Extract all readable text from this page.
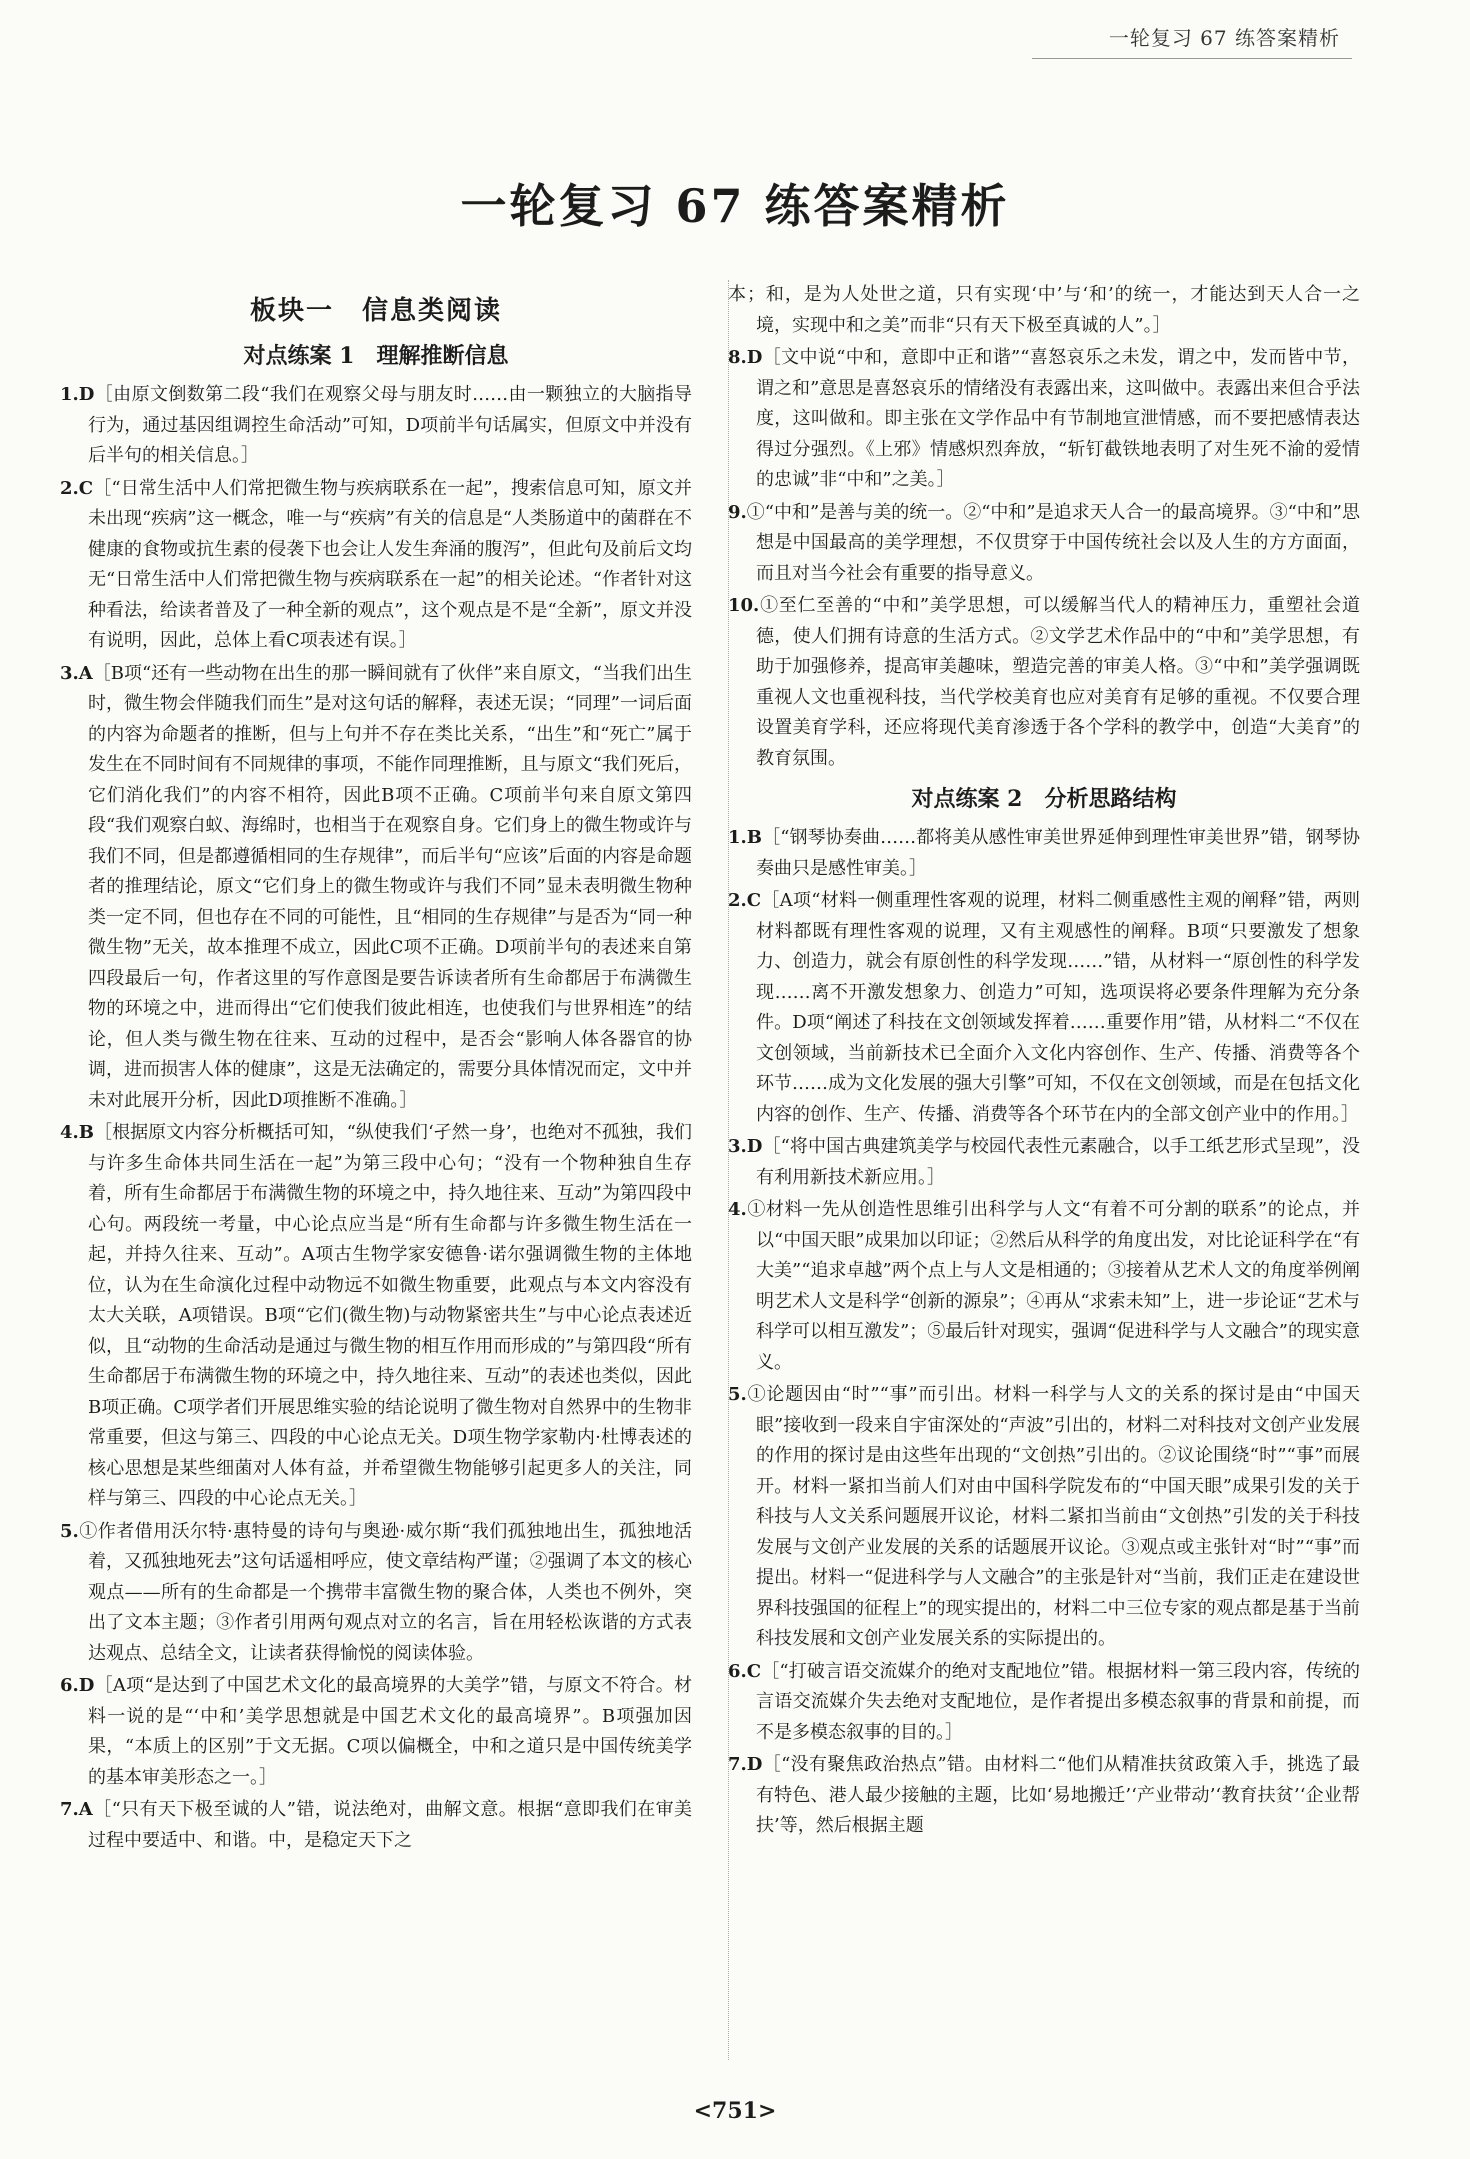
一轮复习 67 练答案精析
一轮复习 67 练答案精析
板块一　信息类阅读
对点练案 1　理解推断信息
1.D［由原文倒数第二段“我们在观察父母与朋友时……由一颗独立的大脑指导行为，通过基因组调控生命活动”可知，D项前半句话属实，但原文中并没有后半句的相关信息。］
2.C［“日常生活中人们常把微生物与疾病联系在一起”，搜索信息可知，原文并未出现“疾病”这一概念，唯一与“疾病”有关的信息是“人类肠道中的菌群在不健康的食物或抗生素的侵袭下也会让人发生奔涌的腹泻”，但此句及前后文均无“日常生活中人们常把微生物与疾病联系在一起”的相关论述。“作者针对这种看法，给读者普及了一种全新的观点”，这个观点是不是“全新”，原文并没有说明，因此，总体上看C项表述有误。］
3.A［B项“还有一些动物在出生的那一瞬间就有了伙伴”来自原文，“当我们出生时，微生物会伴随我们而生”是对这句话的解释，表述无误；“同理”一词后面的内容为命题者的推断，但与上句并不存在类比关系，“出生”和“死亡”属于发生在不同时间有不同规律的事项，不能作同理推断，且与原文“我们死后，它们消化我们”的内容不相符，因此B项不正确。C项前半句来自原文第四段“我们观察白蚁、海绵时，也相当于在观察自身。它们身上的微生物或许与我们不同，但是都遵循相同的生存规律”，而后半句“应该”后面的内容是命题者的推理结论，原文“它们身上的微生物或许与我们不同”显未表明微生物种类一定不同，但也存在不同的可能性，且“相同的生存规律”与是否为“同一种微生物”无关，故本推理不成立，因此C项不正确。D项前半句的表述来自第四段最后一句，作者这里的写作意图是要告诉读者所有生命都居于布满微生物的环境之中，进而得出“它们使我们彼此相连，也使我们与世界相连”的结论，但人类与微生物在往来、互动的过程中，是否会“影响人体各器官的协调，进而损害人体的健康”，这是无法确定的，需要分具体情况而定，文中并未对此展开分析，因此D项推断不准确。］
4.B［根据原文内容分析概括可知，“纵使我们‘孑然一身’，也绝对不孤独，我们与许多生命体共同生活在一起”为第三段中心句；“没有一个物种独自生存着，所有生命都居于布满微生物的环境之中，持久地往来、互动”为第四段中心句。两段统一考量，中心论点应当是“所有生命都与许多微生物生活在一起，并持久往来、互动”。A项古生物学家安德鲁·诺尔强调微生物的主体地位，认为在生命演化过程中动物远不如微生物重要，此观点与本文内容没有太大关联，A项错误。B项“它们(微生物)与动物紧密共生”与中心论点表述近似，且“动物的生命活动是通过与微生物的相互作用而形成的”与第四段“所有生命都居于布满微生物的环境之中，持久地往来、互动”的表述也类似，因此B项正确。C项学者们开展思维实验的结论说明了微生物对自然界中的生物非常重要，但这与第三、四段的中心论点无关。D项生物学家勒内·杜博表述的核心思想是某些细菌对人体有益，并希望微生物能够引起更多人的关注，同样与第三、四段的中心论点无关。］
5.①作者借用沃尔特·惠特曼的诗句与奥逊·威尔斯“我们孤独地出生，孤独地活着，又孤独地死去”这句话遥相呼应，使文章结构严谨；②强调了本文的核心观点——所有的生命都是一个携带丰富微生物的聚合体，人类也不例外，突出了文本主题；③作者引用两句观点对立的名言，旨在用轻松诙谐的方式表达观点、总结全文，让读者获得愉悦的阅读体验。
6.D［A项“是达到了中国艺术文化的最高境界的大美学”错，与原文不符合。材料一说的是“‘中和’美学思想就是中国艺术文化的最高境界”。B项强加因果，“本质上的区别”于文无据。C项以偏概全，中和之道只是中国传统美学的基本审美形态之一。］
7.A［“只有天下极至诚的人”错，说法绝对，曲解文意。根据“意即我们在审美过程中要适中、和谐。中，是稳定天下之
本；和，是为人处世之道，只有实现‘中’与‘和’的统一，才能达到天人合一之境，实现中和之美”而非“只有天下极至真诚的人”。］
8.D［文中说“中和，意即中正和谐”“喜怒哀乐之未发，谓之中，发而皆中节，谓之和”意思是喜怒哀乐的情绪没有表露出来，这叫做中。表露出来但合乎法度，这叫做和。即主张在文学作品中有节制地宣泄情感，而不要把感情表达得过分强烈。《上邪》情感炽烈奔放，“斩钉截铁地表明了对生死不渝的爱情的忠诚”非“中和”之美。］
9.①“中和”是善与美的统一。②“中和”是追求天人合一的最高境界。③“中和”思想是中国最高的美学理想，不仅贯穿于中国传统社会以及人生的方方面面，而且对当今社会有重要的指导意义。
10.①至仁至善的“中和”美学思想，可以缓解当代人的精神压力，重塑社会道德，使人们拥有诗意的生活方式。②文学艺术作品中的“中和”美学思想，有助于加强修养，提高审美趣味，塑造完善的审美人格。③“中和”美学强调既重视人文也重视科技，当代学校美育也应对美育有足够的重视。不仅要合理设置美育学科，还应将现代美育渗透于各个学科的教学中，创造“大美育”的教育氛围。
对点练案 2　分析思路结构
1.B［“钢琴协奏曲……都将美从感性审美世界延伸到理性审美世界”错，钢琴协奏曲只是感性审美。］
2.C［A项“材料一侧重理性客观的说理，材料二侧重感性主观的阐释”错，两则材料都既有理性客观的说理，又有主观感性的阐释。B项“只要激发了想象力、创造力，就会有原创性的科学发现……”错，从材料一“原创性的科学发现……离不开激发想象力、创造力”可知，选项误将必要条件理解为充分条件。D项“阐述了科技在文创领域发挥着……重要作用”错，从材料二“不仅在文创领域，当前新技术已全面介入文化内容创作、生产、传播、消费等各个环节……成为文化发展的强大引擎”可知，不仅在文创领域，而是在包括文化内容的创作、生产、传播、消费等各个环节在内的全部文创产业中的作用。］
3.D［“将中国古典建筑美学与校园代表性元素融合，以手工纸艺形式呈现”，没有利用新技术新应用。］
4.①材料一先从创造性思维引出科学与人文“有着不可分割的联系”的论点，并以“中国天眼”成果加以印证；②然后从科学的角度出发，对比论证科学在“有大美”“追求卓越”两个点上与人文是相通的；③接着从艺术人文的角度举例阐明艺术人文是科学“创新的源泉”；④再从“求索未知”上，进一步论证“艺术与科学可以相互激发”；⑤最后针对现实，强调“促进科学与人文融合”的现实意义。
5.①论题因由“时”“事”而引出。材料一科学与人文的关系的探讨是由“中国天眼”接收到一段来自宇宙深处的“声波”引出的，材料二对科技对文创产业发展的作用的探讨是由这些年出现的“文创热”引出的。②议论围绕“时”“事”而展开。材料一紧扣当前人们对由中国科学院发布的“中国天眼”成果引发的关于科技与人文关系问题展开议论，材料二紧扣当前由“文创热”引发的关于科技发展与文创产业发展的关系的话题展开议论。③观点或主张针对“时”“事”而提出。材料一“促进科学与人文融合”的主张是针对“当前，我们正走在建设世界科技强国的征程上”的现实提出的，材料二中三位专家的观点都是基于当前科技发展和文创产业发展关系的实际提出的。
6.C［“打破言语交流媒介的绝对支配地位”错。根据材料一第三段内容，传统的言语交流媒介失去绝对支配地位，是作者提出多模态叙事的背景和前提，而不是多模态叙事的目的。］
7.D［“没有聚焦政治热点”错。由材料二“他们从精准扶贫政策入手，挑选了最有特色、港人最少接触的主题，比如‘易地搬迁’‘产业带动’‘教育扶贫’‘企业帮扶’等，然后根据主题
<751>
